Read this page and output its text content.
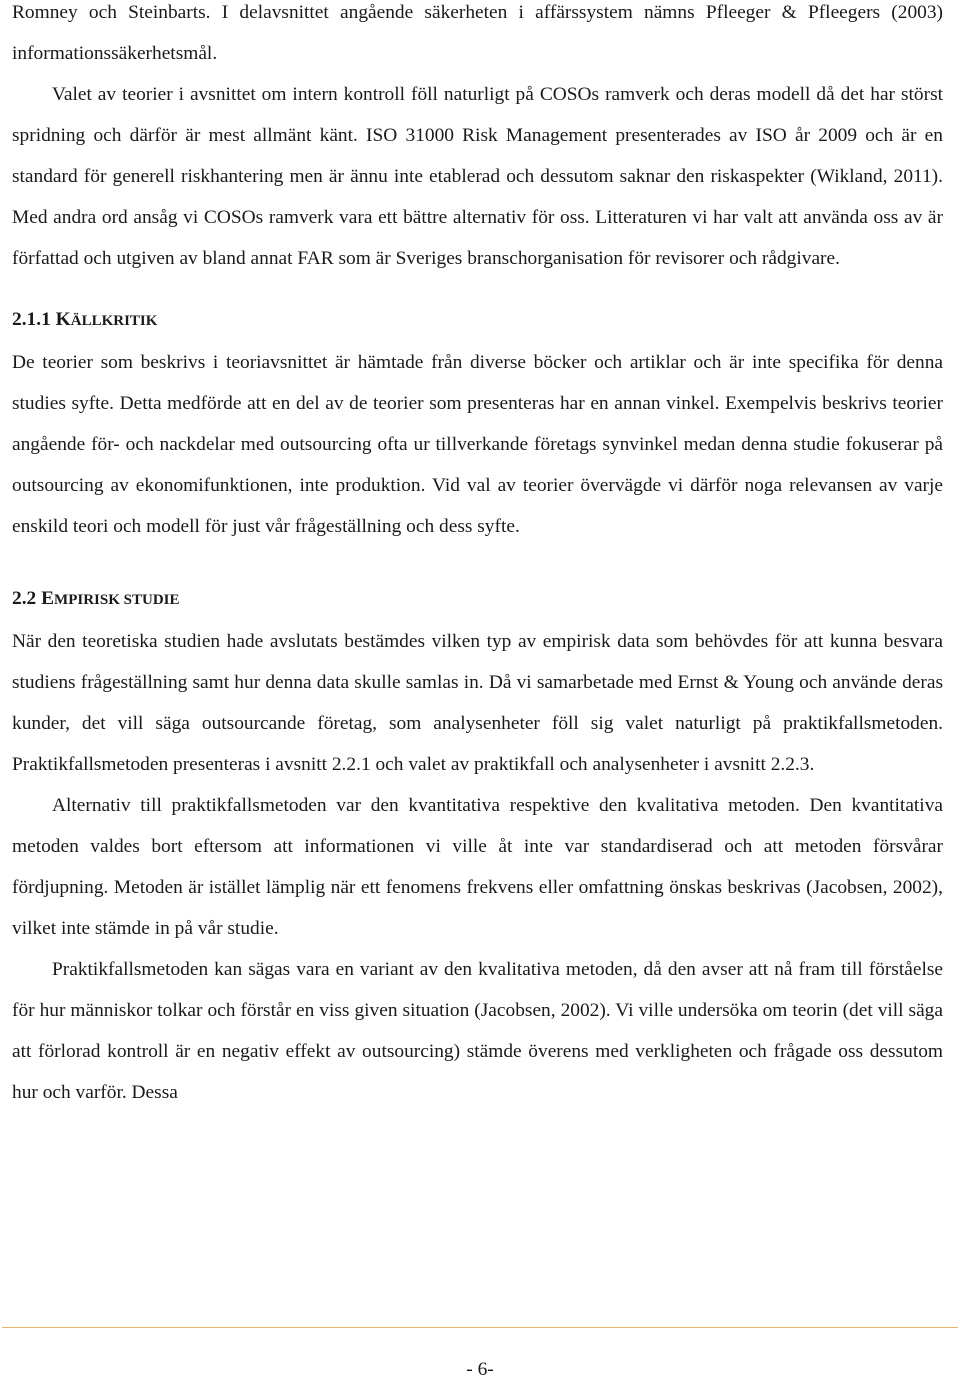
Romney och Steinbarts. I delavsnittet angående säkerheten i affärssystem nämns Pfleeger & Pfleegers (2003) informationssäkerhetsmål.

Valet av teorier i avsnittet om intern kontroll föll naturligt på COSOs ramverk och deras modell då det har störst spridning och därför är mest allmänt känt. ISO 31000 Risk Management presenterades av ISO år 2009 och är en standard för generell riskhantering men är ännu inte etablerad och dessutom saknar den riskaspekter (Wikland, 2011). Med andra ord ansåg vi COSOs ramverk vara ett bättre alternativ för oss. Litteraturen vi har valt att använda oss av är författad och utgiven av bland annat FAR som är Sveriges branschorganisation för revisorer och rådgivare.

2.1.1 KÄLLKRITIK

De teorier som beskrivs i teoriavsnittet är hämtade från diverse böcker och artiklar och är inte specifika för denna studies syfte. Detta medförde att en del av de teorier som presenteras har en annan vinkel. Exempelvis beskrivs teorier angående för- och nackdelar med outsourcing ofta ur tillverkande företags synvinkel medan denna studie fokuserar på outsourcing av ekonomifunktionen, inte produktion. Vid val av teorier övervägde vi därför noga relevansen av varje enskild teori och modell för just vår frågeställning och dess syfte.

2.2 EMPIRISK STUDIE

När den teoretiska studien hade avslutats bestämdes vilken typ av empirisk data som behövdes för att kunna besvara studiens frågeställning samt hur denna data skulle samlas in. Då vi samarbetade med Ernst & Young och använde deras kunder, det vill säga outsourcande företag, som analysenheter föll sig valet naturligt på praktikfallsmetoden. Praktikfallsmetoden presenteras i avsnitt 2.2.1 och valet av praktikfall och analysenheter i avsnitt 2.2.3.

Alternativ till praktikfallsmetoden var den kvantitativa respektive den kvalitativa metoden. Den kvantitativa metoden valdes bort eftersom att informationen vi ville åt inte var standardiserad och att metoden försvårar fördjupning. Metoden är istället lämplig när ett fenomens frekvens eller omfattning önskas beskrivas (Jacobsen, 2002), vilket inte stämde in på vår studie.

Praktikfallsmetoden kan sägas vara en variant av den kvalitativa metoden, då den avser att nå fram till förståelse för hur människor tolkar och förstår en viss given situation (Jacobsen, 2002). Vi ville undersöka om teorin (det vill säga att förlorad kontroll är en negativ effekt av outsourcing) stämde överens med verkligheten och frågade oss dessutom hur och varför. Dessa

- 6-
